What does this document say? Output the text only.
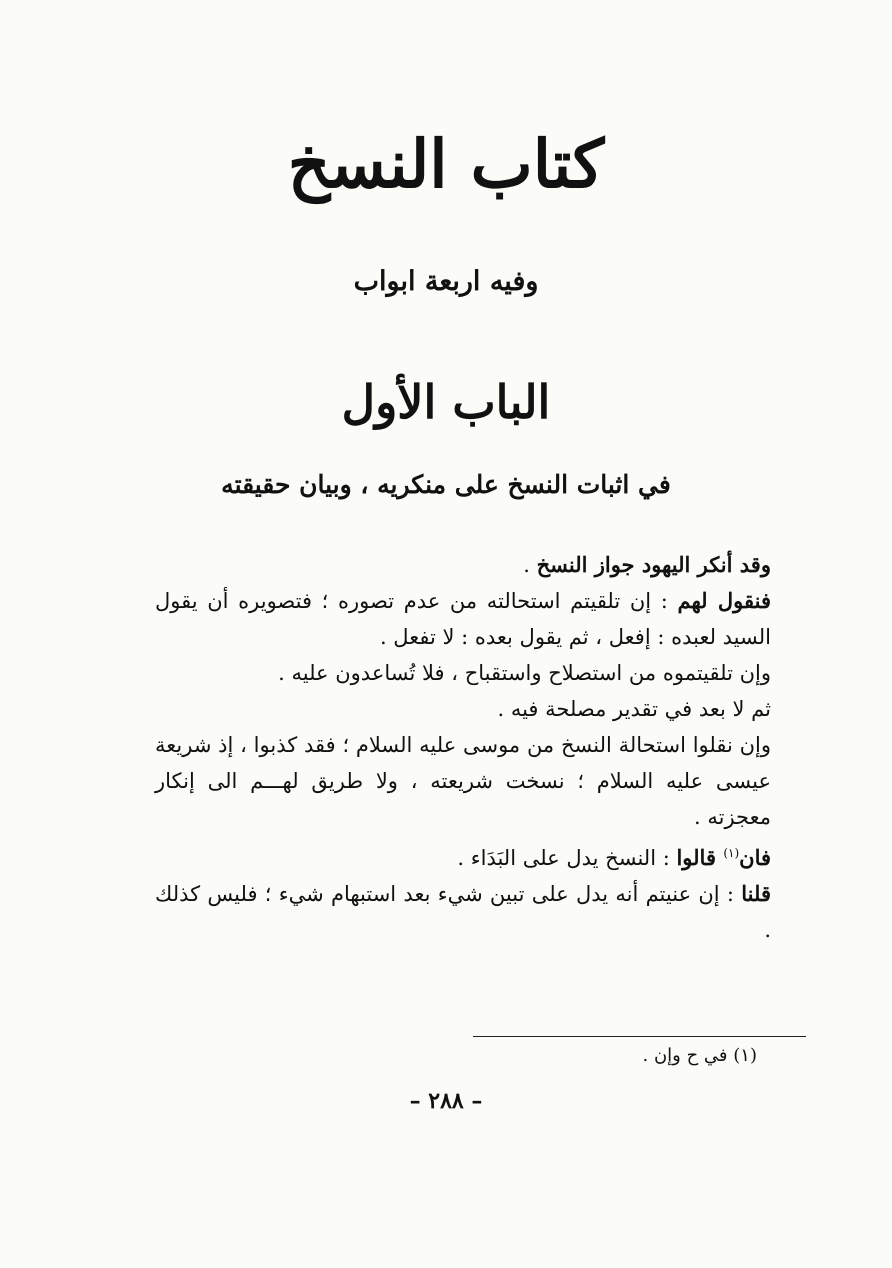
كتاب النسخ
وفيه اربعة ابواب
الباب الأول
في اثبات النسخ على منكريه ، وبيان حقيقته

وقد أنكر اليهود جواز النسخ .

فنقول لهم : إن تلقيتم استحالته من عدم تصوره ؛ فتصويره أن يقول السيد لعبده : إفعل ، ثم يقول بعده : لا تفعل .

وإن تلقيتموه من استصلاح واستقباح ، فلا تُساعدون عليه .

ثم لا بعد في تقدير مصلحة فيه .

وإن نقلوا استحالة النسخ من موسى عليه السلام ؛ فقد كذبوا ، إذ شريعة عيسى عليه السلام ؛ نسخت شريعته ، ولا طريق لهـــم الى إنكار معجزته .

فان$^{(١)}$ قالوا : النسخ يدل على البَدَاء .

قلنا : إن عنيتم أنه يدل على تبين شيء بعد استبهام شيء ؛ فليس كذلك .

(١) في ح وإن .
– ٢٨٨ –
